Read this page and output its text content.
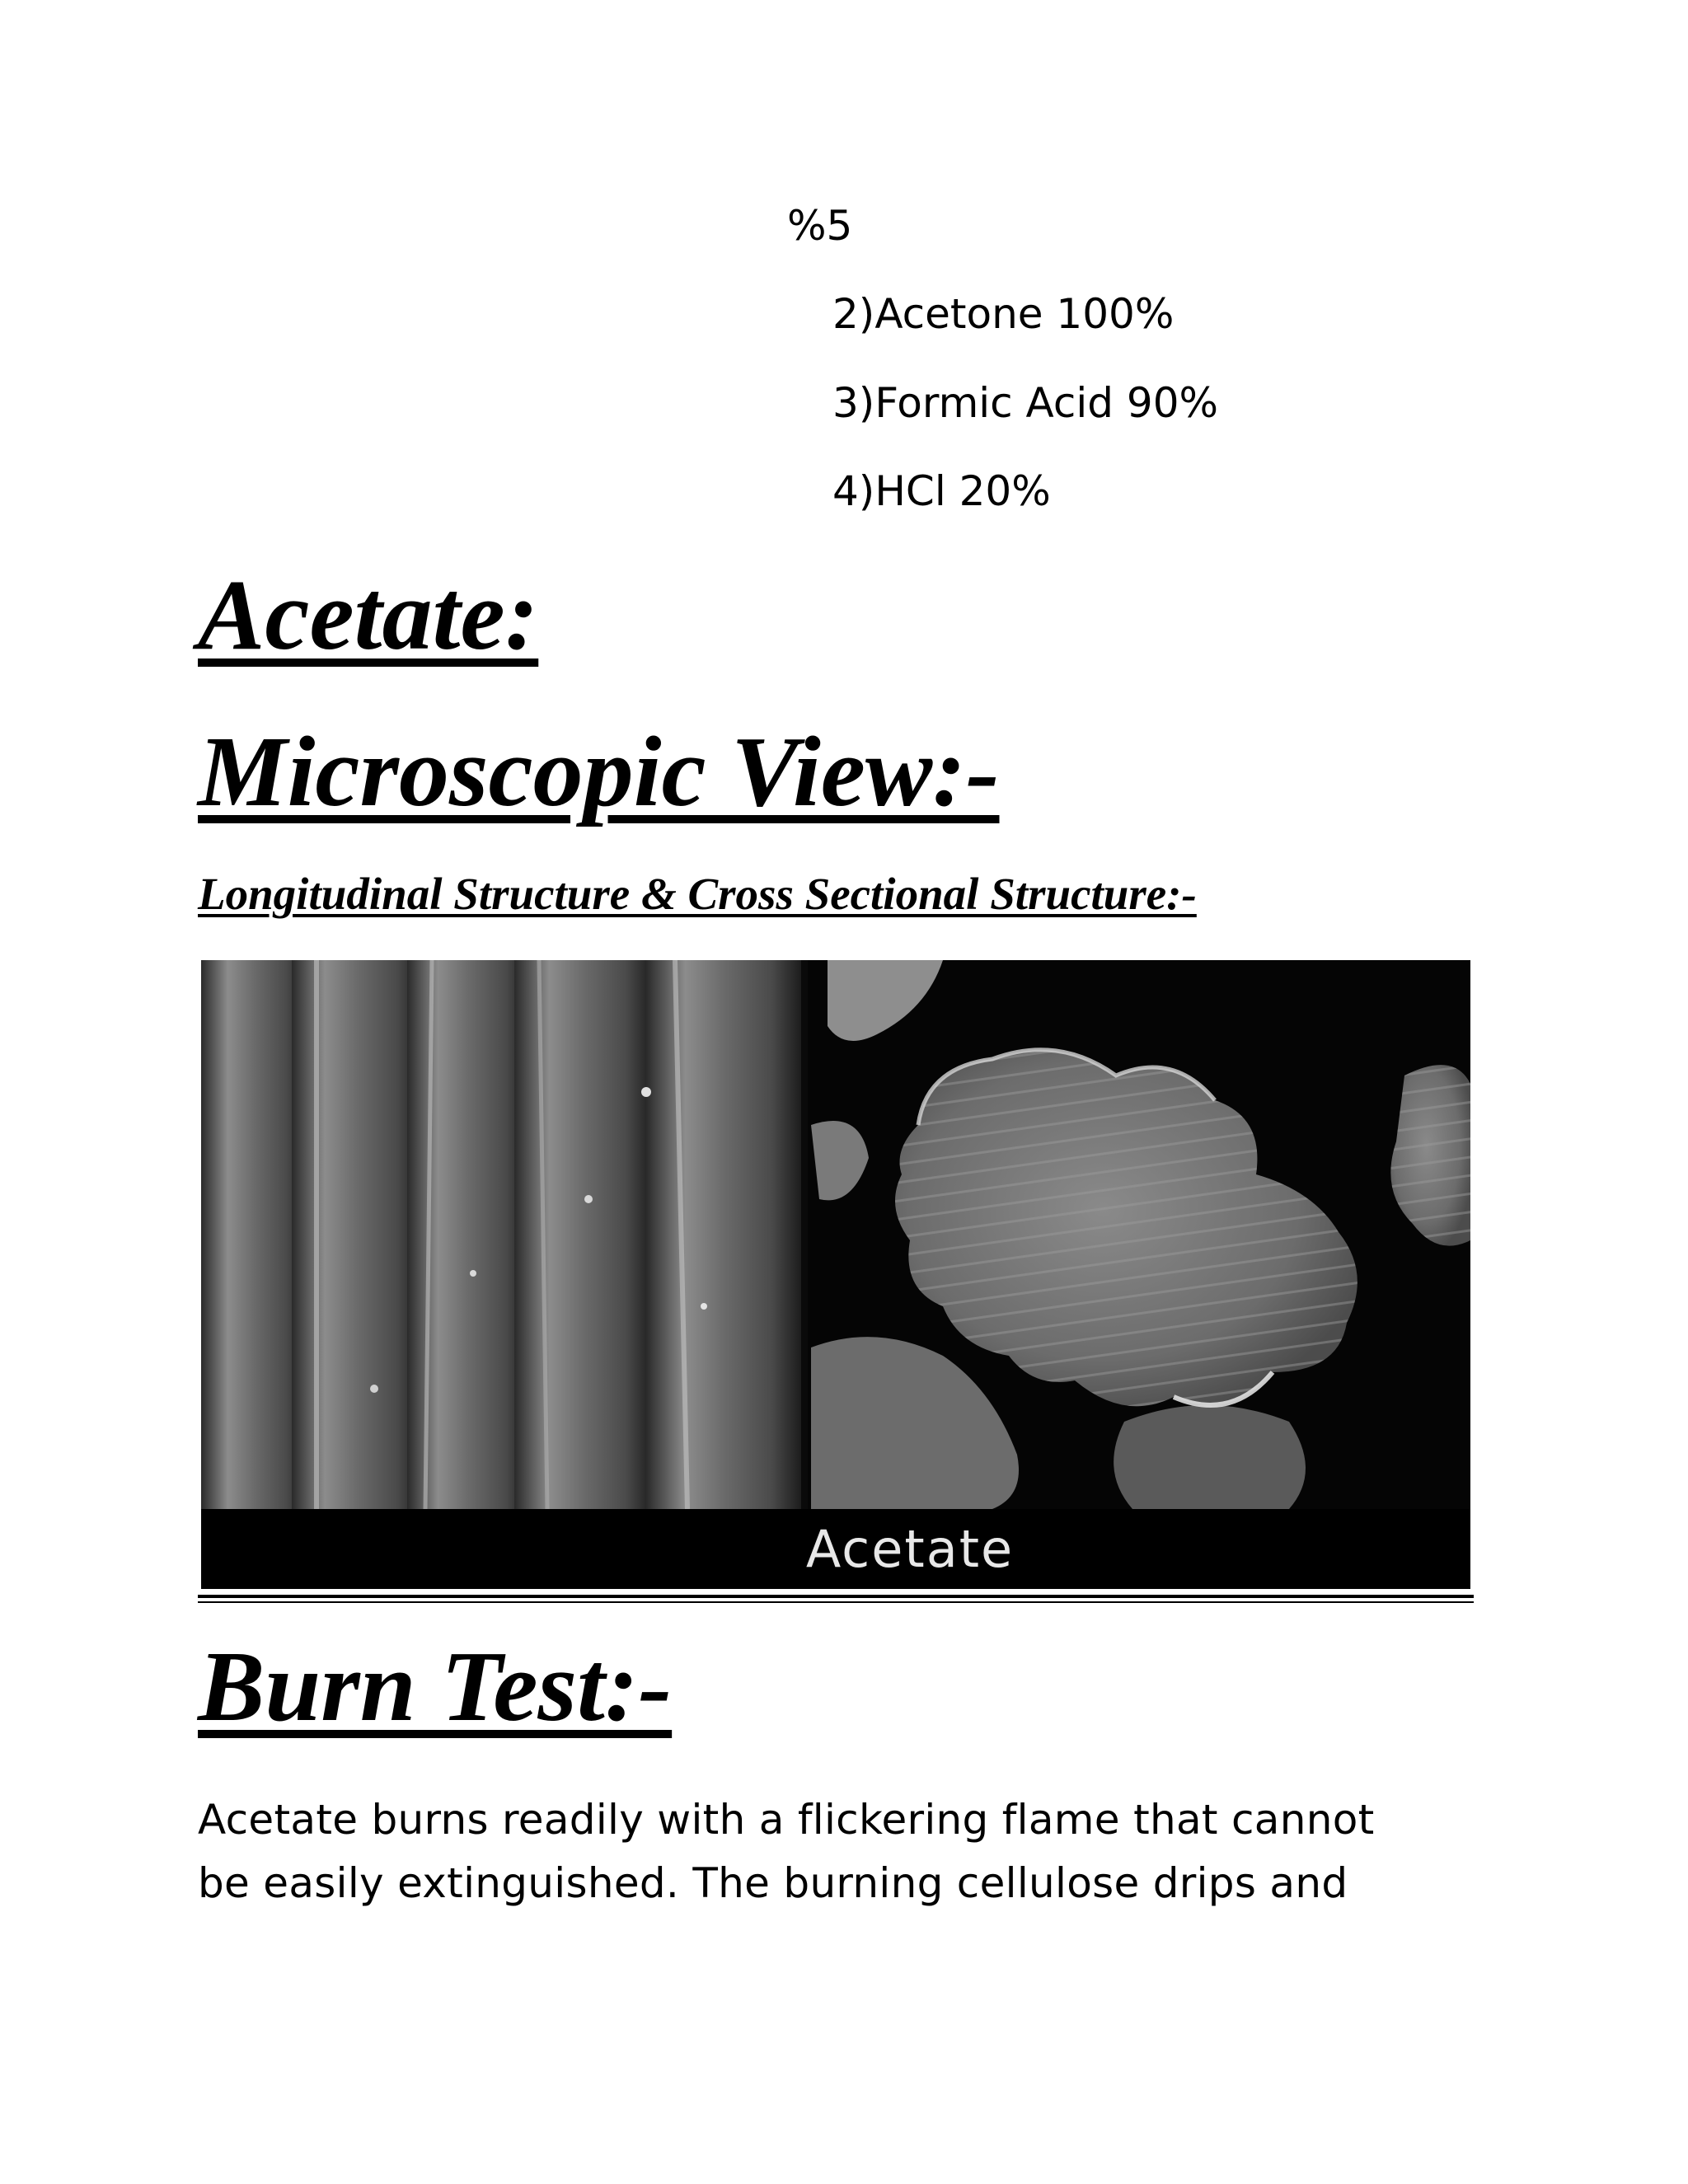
%5

2)Acetone 100%

3)Formic Acid 90%

4)HCl 20%

Acetate:
Microscopic View:-
Longitudinal Structure & Cross Sectional Structure:-
Acetate
Burn Test:-

Acetate burns readily with a flickering flame that cannot
be easily extinguished. The burning cellulose drips and
